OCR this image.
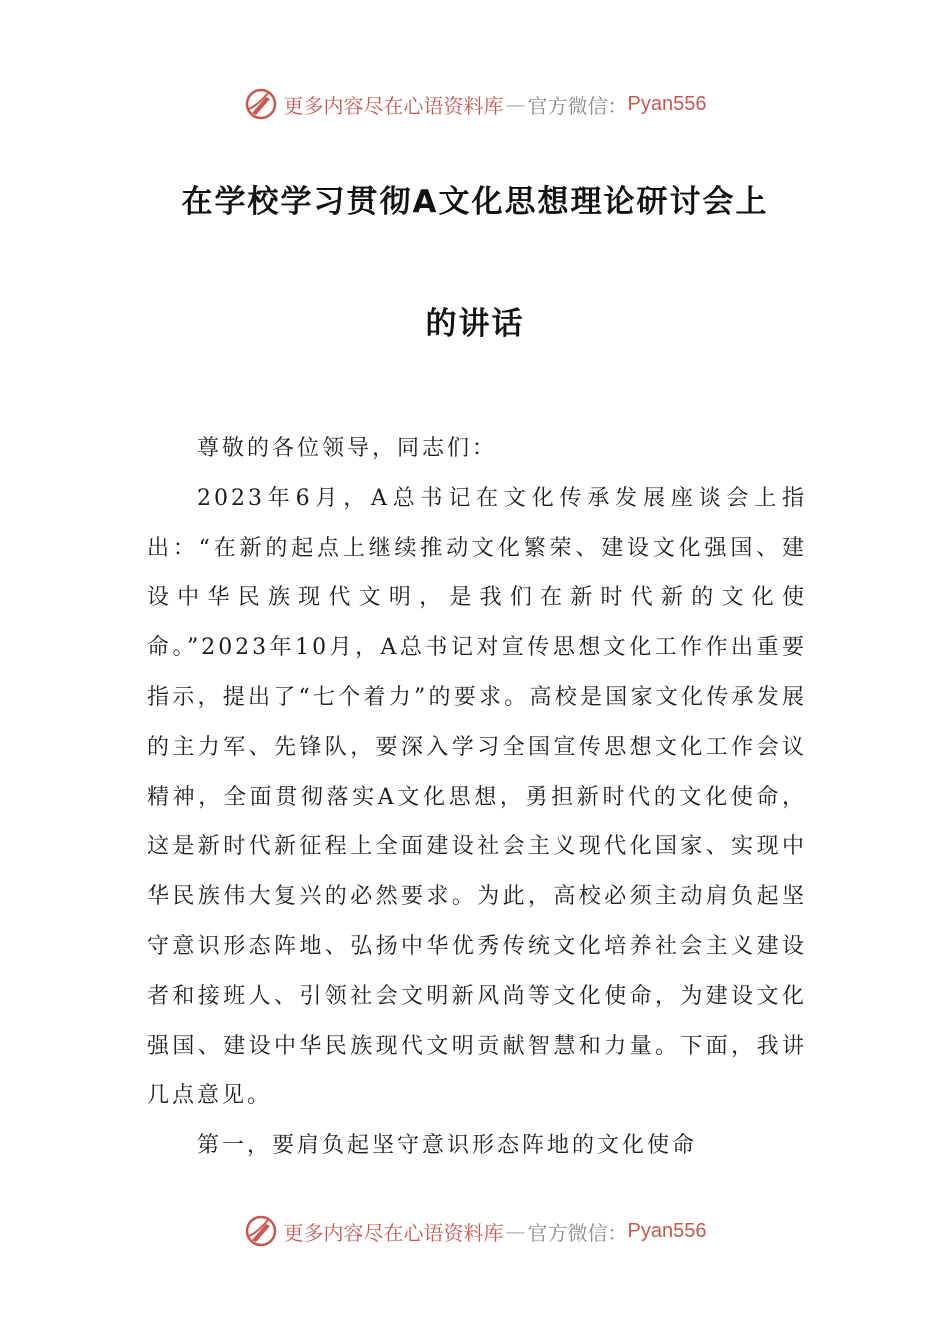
更多内容尽在心语资料库 — 官方微信： Pyan556
在学校学习贯彻A文化思想理论研讨会上
的讲话

尊敬的各位领导，同志们：

2023年6月，A总书记在文化传承发展座谈会上指出：“在新的起点上继续推动文化繁荣、建设文化强国、建设中华民族现代文明，是我们在新时代新的文化使命。”2023年10月，A总书记对宣传思想文化工作作出重要指示，提出了“七个着力”的要求。高校是国家文化传承发展的主力军、先锋队，要深入学习全国宣传思想文化工作会议精神，全面贯彻落实A文化思想，勇担新时代的文化使命，这是新时代新征程上全面建设社会主义现代化国家、实现中华民族伟大复兴的必然要求。为此，高校必须主动肩负起坚守意识形态阵地、弘扬中华优秀传统文化培养社会主义建设者和接班人、引领社会文明新风尚等文化使命，为建设文化强国、建设中华民族现代文明贡献智慧和力量。下面，我讲几点意见。

第一，要肩负起坚守意识形态阵地的文化使命

更多内容尽在心语资料库 — 官方微信： Pyan556
